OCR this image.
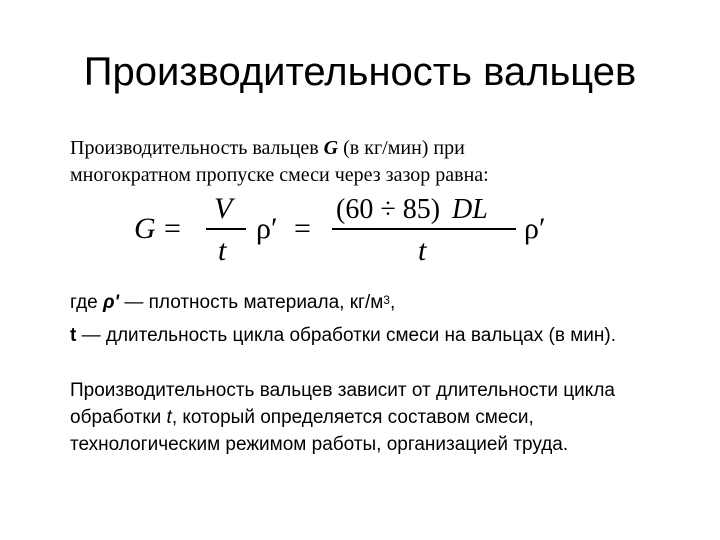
Производительность вальцев
Производительность вальцев G (в кг/мин) при
многократном пропуске смеси через зазор равна:
G =
V
t
ρ′ =
(60 ÷ 85) DL
t
ρ′
где ρ' — плотность материала, $кг/м^3$,
t — длительность цикла обработки смеси на вальцах (в мин).
Производительность вальцев зависит от длительности цикла обработки t, который определяется составом смеси, технологическим режимом работы, организацией труда.
